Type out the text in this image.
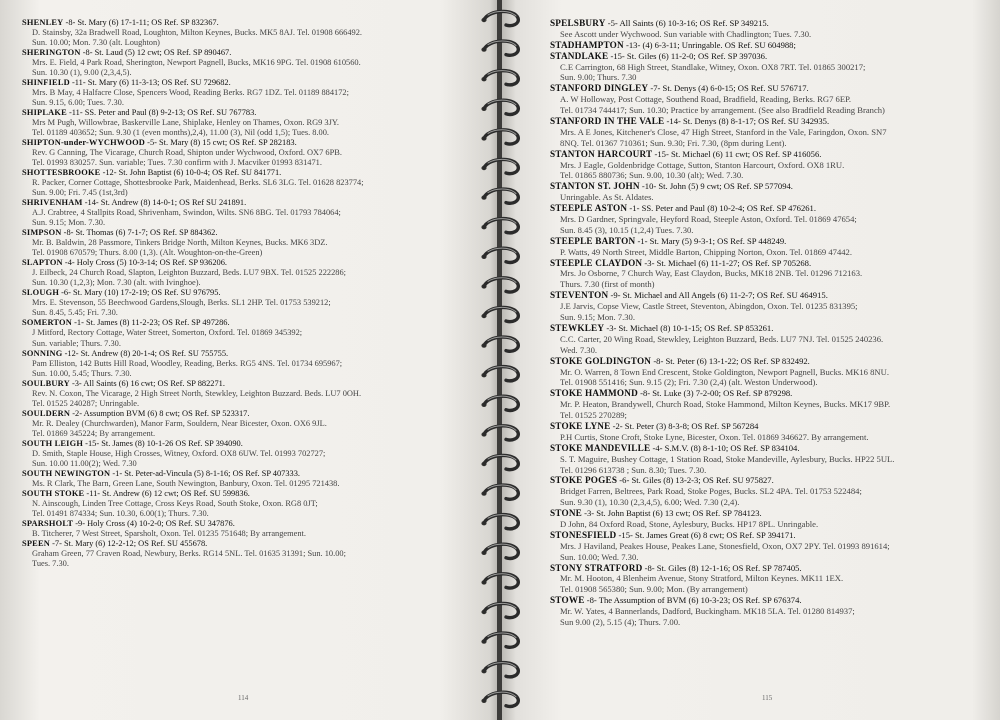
SHENLEY -8- St. Mary (6) 17-1-11; OS Ref. SP 832367.
D. Stainsby, 32a Bradwell Road, Loughton, Milton Keynes, Bucks. MK5 8AJ. Tel. 01908 666492.
Sun. 10.00; Mon. 7.30 (alt. Loughton)
SHERINGTON -8- St. Laud (5) 12 cwt; OS Ref. SP 890467.
Mrs. E. Field, 4 Park Road, Sherington, Newport Pagnell, Bucks, MK16 9PG. Tel. 01908 610560.
Sun. 10.30 (1), 9.00 (2,3,4,5).
SHINFIELD -11- St. Mary (6) 11-3-13; OS Ref. SU 729682.
Mrs. B May, 4 Halfacre Close, Spencers Wood, Reading Berks. RG7 1DZ. Tel. 01189 884172;
Sun. 9.15, 6.00; Tues. 7.30.
SHIPLAKE -11- SS. Peter and Paul (8) 9-2-13; OS Ref. SU 767783.
Mrs M Pugh, Willowbrae, Baskerville Lane, Shiplake, Henley on Thames, Oxon. RG9 3JY.
Tel. 01189 403652; Sun. 9.30 (1 (even months),2,4), 11.00 (3), Nil (odd 1,5); Tues. 8.00.
SHIPTON-under-WYCHWOOD -5- St. Mary (8) 15 cwt; OS Ref. SP 282183.
Rev. G Canning, The Vicarage, Church Road, Shipton under Wychwood, Oxford. OX7 6PB.
Tel. 01993 830257. Sun. variable; Tues. 7.30 confirm with J. Macviker 01993 831471.
SHOTTESBROOKE -12- St. John Baptist (6) 10-0-4; OS Ref. SU 841771.
R. Packer, Corner Cottage, Shottesbrooke Park, Maidenhead, Berks. SL6 3LG. Tel. 01628 823774;
Sun. 9.00; Fri. 7.45 (1st,3rd)
SHRIVENHAM -14- St. Andrew (8) 14-0-1; OS Ref SU 241891.
A.J. Crabtree, 4 Stallpits Road, Shrivenham, Swindon, Wilts. SN6 8BG. Tel. 01793 784064;
Sun. 9.15; Mon. 7.30.
SIMPSON -8- St. Thomas (6) 7-1-7; OS Ref. SP 884362.
Mr. B. Baldwin, 28 Passmore, Tinkers Bridge North, Milton Keynes, Bucks. MK6 3DZ.
Tel. 01908 670579; Thurs. 8.00 (1,3). (Alt. Woughton-on-the-Green)
SLAPTON -4- Holy Cross (5) 10-3-14; OS Ref. SP 936206.
J. Eilbeck, 24 Church Road, Slapton, Leighton Buzzard, Beds. LU7 9BX. Tel. 01525 222286;
Sun. 10.30 (1,2,3); Mon. 7.30 (alt. with Ivinghoe).
SLOUGH -6- St. Mary (10) 17-2-19; OS Ref. SU 976795.
Mrs. E. Stevenson, 55 Beechwood Gardens,Slough, Berks. SL1 2HP. Tel. 01753 539212;
Sun. 8.45, 5.45; Fri. 7.30.
SOMERTON -1- St. James (8) 11-2-23; OS Ref. SP 497286.
J Mitford, Rectory Cottage, Water Street, Somerton, Oxford. Tel. 01869 345392;
Sun. variable; Thurs. 7.30.
SONNING -12- St. Andrew (8) 20-1-4; OS Ref. SU 755755.
Pam Elliston, 142 Butts Hill Road, Woodley, Reading, Berks. RG5 4NS. Tel. 01734 695967;
Sun. 10.00, 5.45; Thurs. 7.30.
SOULBURY -3- All Saints (6) 16 cwt; OS Ref. SP 882271.
Rev. N. Coxon, The Vicarage, 2 High Street North, Stewkley, Leighton Buzzard. Beds. LU7 0OH.
Tel. 01525 240287; Unringable.
SOULDERN -2- Assumption BVM (6) 8 cwt; OS Ref. SP 523317.
Mr. R. Dealey (Churchwarden), Manor Farm, Souldern, Near Bicester, Oxon. OX6 9JL.
Tel. 01869 345224; By arrangement.
SOUTH LEIGH -15- St. James (8) 10-1-26 OS Ref. SP 394090.
D. Smith, Staple House, High Crosses, Witney, Oxford. OX8 6UW. Tel. 01993 702727;
Sun. 10.00 11.00(2); Wed. 7.30
SOUTH NEWINGTON -1- St. Peter-ad-Vincula (5) 8-1-16; OS Ref. SP 407333.
Ms. R Clark, The Barn, Green Lane, South Newington, Banbury, Oxon. Tel. 01295 721438.
SOUTH STOKE -11- St. Andrew (6) 12 cwt; OS Ref. SU 599836.
N. Ainscough, Linden Tree Cottage, Cross Keys Road, South Stoke, Oxon. RG8 0JT;
Tel. 01491 874334; Sun. 10.30, 6.00(1); Thurs. 7.30.
SPARSHOLT -9- Holy Cross (4) 10-2-0; OS Ref. SU 347876.
B. Titcherer, 7 West Street, Sparsholt, Oxon. Tel. 01235 751648; By arrangement.
SPEEN -7- St. Mary (6) 12-2-12; OS Ref. SU 455678.
Graham Green, 77 Craven Road, Newbury, Berks. RG14 5NL. Tel. 01635 31391; Sun. 10.00;
Tues. 7.30.
114
SPELSBURY -5- All Saints (6) 10-3-16; OS Ref. SP 349215.
See Ascott under Wychwood. Sun variable with Chadlington; Tues. 7.30.
STADHAMPTON -13- (4) 6-3-11; Unringable. OS Ref. SU 604988;
STANDLAKE -15- St. Giles (6) 11-2-0; OS Ref. SP 397036.
C.E Carrington, 68 High Street, Standlake, Witney, Oxon. OX8 7RT. Tel. 01865 300217;
Sun. 9.00; Thurs. 7.30
STANFORD DINGLEY -7- St. Denys (4) 6-0-15; OS Ref. SU 576717.
A. W Holloway, Post Cottage, Southend Road, Bradfield, Reading, Berks. RG7 6EP.
Tel. 01734 744417; Sun. 10.30; Practice by arrangement. (See also Bradfield Reading Branch)
STANFORD IN THE VALE -14- St. Denys (8) 8-1-17; OS Ref. SU 342935.
Mrs. A E Jones, Kitchener's Close, 47 High Street, Stanford in the Vale, Faringdon, Oxon. SN7
8NQ. Tel. 01367 710361; Sun. 9.30; Fri. 7.30, (8pm during Lent).
STANTON HARCOURT -15- St. Michael (6) 11 cwt; OS Ref. SP 416056.
Mrs. J Eagle, Goldenbridge Cottage, Sutton, Stanton Harcourt, Oxford. OX8 1RU.
Tel. 01865 880736; Sun. 9.00, 10.30 (alt); Wed. 7.30.
STANTON ST. JOHN -10- St. John (5) 9 cwt; OS Ref. SP 577094.
Unringable. As St. Aldates.
STEEPLE ASTON -1- SS. Peter and Paul (8) 10-2-4; OS Ref. SP 476261.
Mrs. D Gardner, Springvale, Heyford Road, Steeple Aston, Oxford. Tel. 01869 47654;
Sun. 8.45 (3), 10.15 (1,2,4) Tues. 7.30.
STEEPLE BARTON -1- St. Mary (5) 9-3-1; OS Ref. SP 448249.
P. Watts, 49 North Street, Middle Barton, Chipping Norton, Oxon. Tel. 01869 47442.
STEEPLE CLAYDON -3- St. Michael (6) 11-1-27; OS Ref. SP 705268.
Mrs. Jo Osborne, 7 Church Way, East Claydon, Bucks, MK18 2NB. Tel. 01296 712163.
Thurs. 7.30 (first of month)
STEVENTON -9- St. Michael and All Angels (6) 11-2-7; OS Ref. SU 464915.
J.E Jarvis, Copse View, Castle Street, Steventon, Abingdon, Oxon. Tel. 01235 831395;
Sun. 9.15; Mon. 7.30.
STEWKLEY -3- St. Michael (8) 10-1-15; OS Ref. SP 853261.
C.C. Carter, 20 Wing Road, Stewkley, Leighton Buzzard, Beds. LU7 7NJ. Tel. 01525 240236.
Wed. 7.30.
STOKE GOLDINGTON -8- St. Peter (6) 13-1-22; OS Ref. SP 832492.
Mr. O. Warren, 8 Town End Crescent, Stoke Goldington, Newport Pagnell, Bucks. MK16 8NU.
Tel. 01908 551416; Sun. 9.15 (2); Fri. 7.30 (2,4) (alt. Weston Underwood).
STOKE HAMMOND -8- St. Luke (3) 7-2-00; OS Ref. SP 879298.
Mr. P. Heaton, Brandywell, Church Road, Stoke Hammond, Milton Keynes, Bucks. MK17 9BP.
Tel. 01525 270289;
STOKE LYNE -2- St. Peter (3) 8-3-8; OS Ref. SP 567284
P.H Curtis, Stone Croft, Stoke Lyne, Bicester, Oxon. Tel. 01869 346627. By arrangement.
STOKE MANDEVILLE -4- S.M.V. (8) 8-1-10; OS Ref. SP 834104.
S. T. Maguire, Bushey Cottage, 1 Station Road, Stoke Mandeville, Aylesbury, Bucks. HP22 5UL.
Tel. 01296 613738 ; Sun. 8.30; Tues. 7.30.
STOKE POGES -6- St. Giles (8) 13-2-3; OS Ref. SU 975827.
Bridget Farren, Beltrees, Park Road, Stoke Poges, Bucks. SL2 4PA. Tel. 01753 522484;
Sun. 9.30 (1), 10.30 (2,3,4,5), 6.00; Wed. 7.30 (2,4).
STONE -3- St. John Baptist (6) 13 cwt; OS Ref. SP 784123.
D John, 84 Oxford Road, Stone, Aylesbury, Bucks. HP17 8PL. Unringable.
STONESFIELD -15- St. James Great (6) 8 cwt; OS Ref. SP 394171.
Mrs. J Haviland, Peakes House, Peakes Lane, Stonesfield, Oxon, OX7 2PY. Tel. 01993 891614;
Sun. 10.00; Wed. 7.30.
STONY STRATFORD -8- St. Giles (8) 12-1-16; OS Ref. SP 787405.
Mr. M. Hooton, 4 Blenheim Avenue, Stony Stratford, Milton Keynes. MK11 1EX.
Tel. 01908 565380; Sun. 9.00; Mon. (By arrangement)
STOWE -8- The Assumption of BVM (6) 10-3-23; OS Ref. SP 676374.
Mr. W. Yates, 4 Bannerlands, Dadford, Buckingham. MK18 5LA. Tel. 01280 814937;
Sun 9.00 (2), 5.15 (4); Thurs. 7.00.
115
